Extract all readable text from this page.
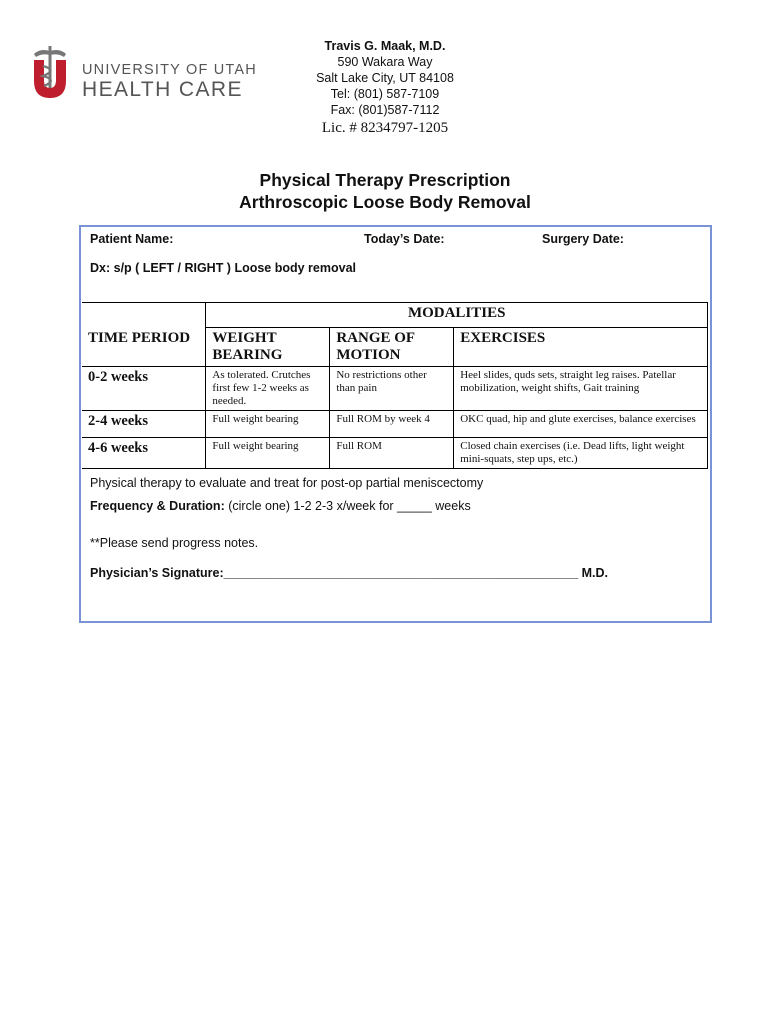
UNIVERSITY OF UTAH
HEALTH CARE
Travis G. Maak, M.D.
590 Wakara Way
Salt Lake City, UT 84108
Tel: (801) 587-7109
Fax: (801)587-7112
Lic. # 8234797-1205
Physical Therapy Prescription
Arthroscopic Loose Body Removal
Patient Name:	Today’s Date:	Surgery Date:
Dx: s/p ( LEFT / RIGHT ) Loose body removal
	MODALITIES		
TIME PERIOD	WEIGHT BEARING	RANGE OF MOTION	EXERCISES
0-2 weeks	As tolerated. Crutches first few 1-2 weeks as needed.	No restrictions other than pain	Heel slides, quds sets, straight leg raises. Patellar mobilization, weight shifts, Gait training
2-4 weeks	Full weight bearing	Full ROM by week 4	OKC quad, hip and glute exercises, balance exercises
4-6 weeks	Full weight bearing	Full ROM	Closed chain exercises (i.e. Dead lifts, light weight mini-squats, step ups, etc.)
Physical therapy to evaluate and treat for post-op partial meniscectomy
Frequency & Duration: (circle one) 1-2 2-3 x/week for _____ weeks
**Please send progress notes.
Physician’s Signature:___________________________________________________ M.D.
